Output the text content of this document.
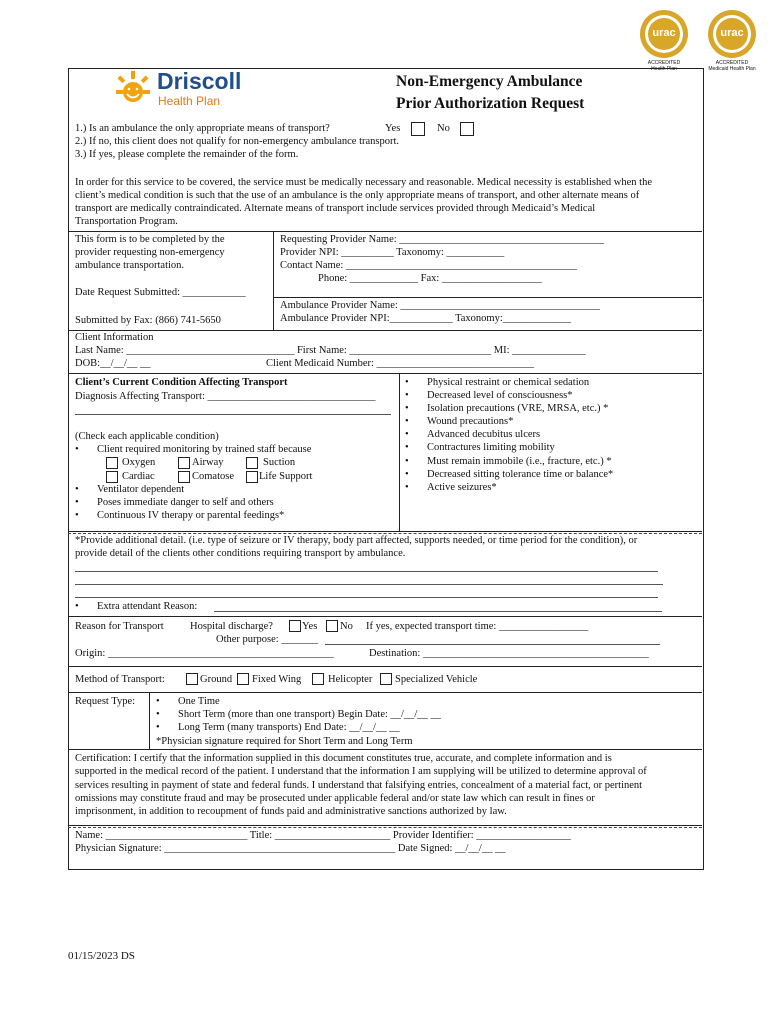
urac
ACCREDITED
Health Plan
urac
ACCREDITED
Medicaid Health Plan
Driscoll
Health Plan
Non-Emergency Ambulance
Prior Authorization Request
1.) Is an ambulance the only appropriate means of transport?	Yes	No
2.) If no, this client does not qualify for non-emergency ambulance transport.
3.) If yes, please complete the remainder of the form.
In order for this service to be covered, the service must be medically necessary and reasonable. Medical necessity is established when the
client’s medical condition is such that the use of an ambulance is the only appropriate means of transport, and other alternate means of
transport are medically contraindicated. Alternate means of transport include services provided through Medicaid’s Medical
Transportation Program.
This form is to be completed by the
provider requesting non-emergency
ambulance transportation.
Date Request Submitted: ____________
Submitted by Fax: (866) 741-5650
Requesting Provider Name: _______________________________________
Provider NPI: __________ Taxonomy: ___________
Contact Name: ____________________________________________
Phone: _____________ Fax: ___________________
Ambulance Provider Name: ______________________________________
Ambulance Provider NPI:____________ Taxonomy:_____________
Client Information
Last Name: ________________________________ First Name: ___________________________ MI: ______________
DOB:__/__/__ __	Client Medicaid Number: ______________________________
Client’s Current Condition Affecting Transport
Diagnosis Affecting Transport: ________________________________
(Check each applicable condition)
• Client required monitoring by trained staff because
Oxygen	Airway	Suction
Cardiac	Comatose Life Support
• Ventilator dependent
• Poses immediate danger to self and others
• Continuous IV therapy or parental feedings*
• Physical restraint or chemical sedation
• Decreased level of consciousness*
• Isolation precautions (VRE, MRSA, etc.) *
• Wound precautions*
• Advanced decubitus ulcers
• Contractures limiting mobility
• Must remain immobile (i.e., fracture, etc.) *
• Decreased sitting tolerance time or balance*
• Active seizures*
*Provide additional detail. (i.e. type of seizure or IV therapy, body part affected, supports needed, or time period for the condition), or
provide detail of the clients other conditions requiring transport by ambulance.
• Extra attendant Reason:
Reason for Transport	Hospital discharge?	Yes No If yes, expected transport time: _________________
Other purpose: _______
Origin: ___________________________________________	Destination: ___________________________________________
Method of Transport:	Ground Fixed Wing	Helicopter Specialized Vehicle
Request Type:
•	One Time
• Short Term (more than one transport) Begin Date: __/__/__ __
• Long Term (many transports) End Date: __/__/__ __
*Physician signature required for Short Term and Long Term
Certification: I certify that the information supplied in this document constitutes true, accurate, and complete information and is
supported in the medical record of the patient. I understand that the information I am supplying will be utilized to determine approval of
services resulting in payment of state and federal funds. I understand that falsifying entries, concealment of a material fact, or pertinent
omissions may constitute fraud and may be prosecuted under applicable federal and/or state law which can result in fines or
imprisonment, in addition to recoupment of funds paid and administrative sanctions authorized by law.
Name: ___________________________ Title: ______________________ Provider Identifier: __________________
Physician Signature: ____________________________________________ Date Signed: __/__/__ __
01/15/2023 DS
